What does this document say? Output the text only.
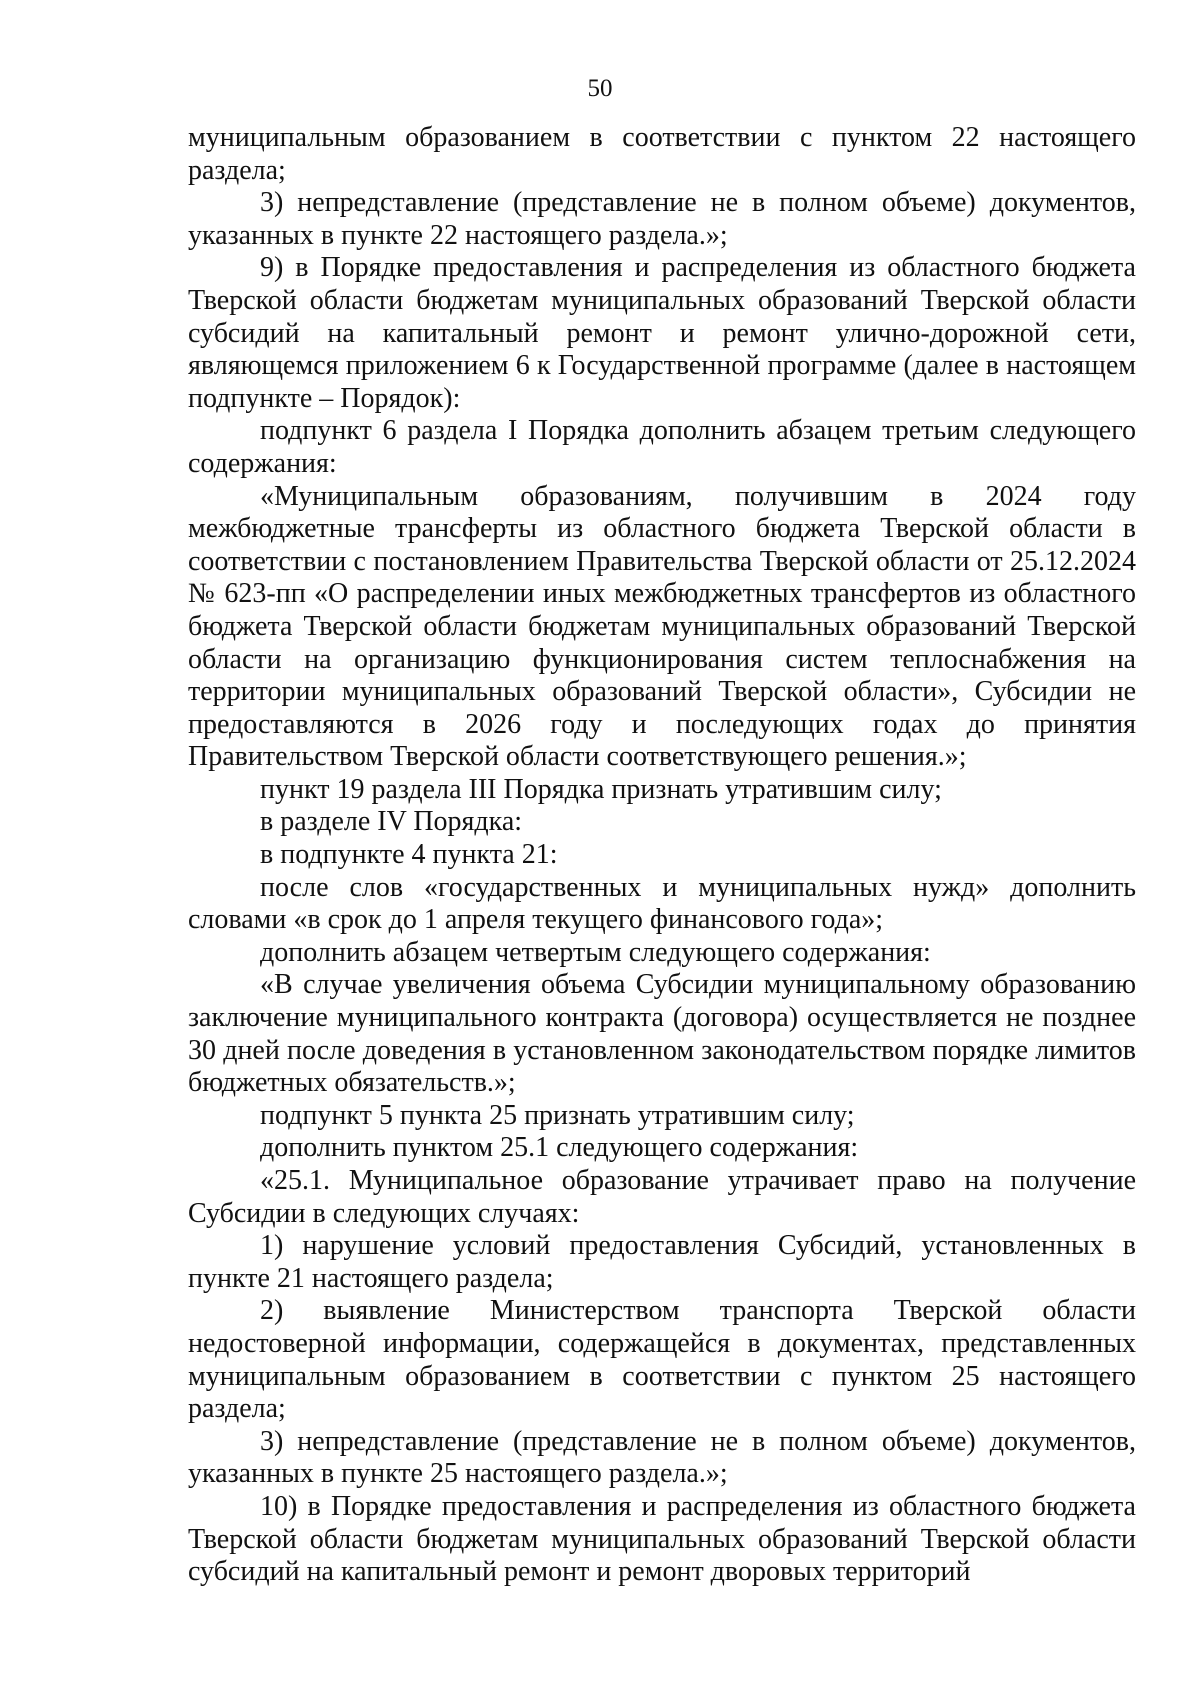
50

муниципальным образованием в соответствии с пунктом 22 настоящего раздела;

3) непредставление (представление не в полном объеме) документов, указанных в пункте 22 настоящего раздела.»;

9) в Порядке предоставления и распределения из областного бюджета Тверской области бюджетам муниципальных образований Тверской области субсидий на капитальный ремонт и ремонт улично-дорожной сети, являющемся приложением 6 к Государственной программе (далее в настоящем подпункте – Порядок):

подпункт 6 раздела I Порядка дополнить абзацем третьим следующего содержания:

«Муниципальным образованиям, получившим в 2024 году межбюджетные трансферты из областного бюджета Тверской области в соответствии с постановлением Правительства Тверской области от 25.12.2024 № 623-пп «О распределении иных межбюджетных трансфертов из областного бюджета Тверской области бюджетам муниципальных образований Тверской области на организацию функционирования систем теплоснабжения на территории муниципальных образований Тверской области», Субсидии не предоставляются в 2026 году и последующих годах до принятия Правительством Тверской области соответствующего решения.»;

пункт 19 раздела III Порядка признать утратившим силу;

в разделе IV Порядка:

в подпункте 4 пункта 21:

после слов «государственных и муниципальных нужд» дополнить словами «в срок до 1 апреля текущего финансового года»;

дополнить абзацем четвертым следующего содержания:

«В случае увеличения объема Субсидии муниципальному образованию заключение муниципального контракта (договора) осуществляется не позднее 30 дней после доведения в установленном законодательством порядке лимитов бюджетных обязательств.»;

подпункт 5 пункта 25 признать утратившим силу;

дополнить пунктом 25.1 следующего содержания:

«25.1. Муниципальное образование утрачивает право на получение Субсидии в следующих случаях:

1) нарушение условий предоставления Субсидий, установленных в пункте 21 настоящего раздела;

2) выявление Министерством транспорта Тверской области недостоверной информации, содержащейся в документах, представленных муниципальным образованием в соответствии с пунктом 25 настоящего раздела;

3) непредставление (представление не в полном объеме) документов, указанных в пункте 25 настоящего раздела.»;

10) в Порядке предоставления и распределения из областного бюджета Тверской области бюджетам муниципальных образований Тверской области субсидий на капитальный ремонт и ремонт дворовых территорий
